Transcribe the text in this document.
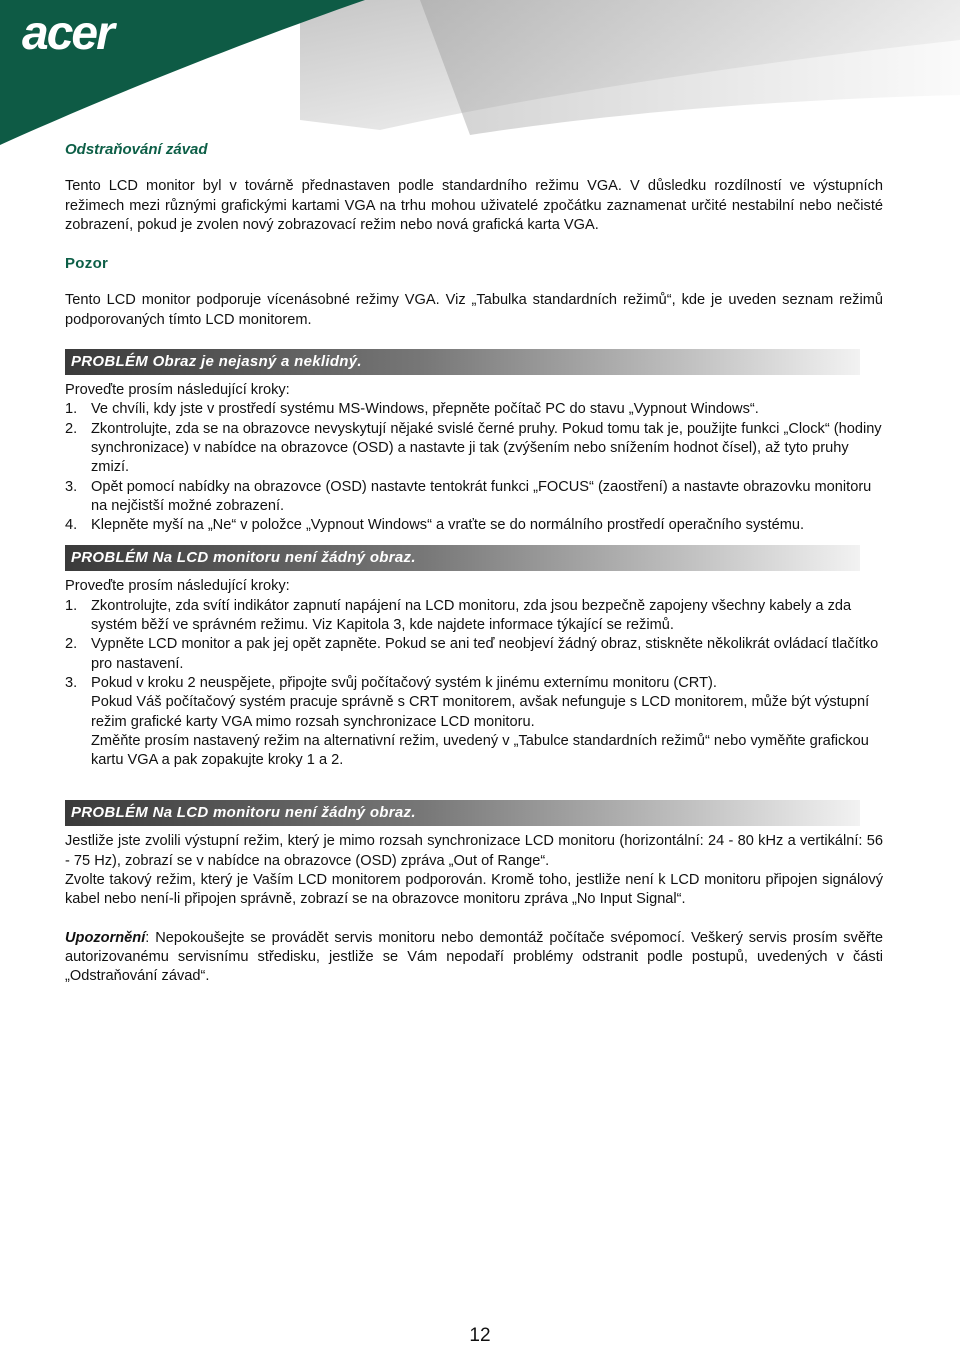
acer

Odstraňování závad

Tento LCD monitor byl v továrně přednastaven podle standardního režimu VGA. V důsledku rozdílností ve výstupních režimech mezi různými grafickými kartami VGA na trhu mohou uživatelé zpočátku zaznamenat určité nestabilní nebo nečisté zobrazení, pokud je zvolen nový zobrazovací režim nebo nová grafická karta VGA.

Pozor

Tento LCD monitor podporuje vícenásobné režimy VGA. Viz „Tabulka standardních režimů“, kde je uveden seznam režimů podporovaných tímto LCD monitorem.

PROBLÉM Obraz je nejasný a neklidný.

Proveďte prosím následující kroky:

1. Ve chvíli, kdy jste v prostředí systému MS-Windows, přepněte počítač PC do stavu „Vypnout Windows“.
2. Zkontrolujte, zda se na obrazovce nevyskytují nějaké svislé černé pruhy. Pokud tomu tak je, použijte funkci „Clock“ (hodiny synchronizace) v nabídce na obrazovce (OSD) a nastavte ji tak (zvýšením nebo snížením hodnot čísel), až tyto pruhy zmizí.
3. Opět pomocí nabídky na obrazovce (OSD) nastavte tentokrát funkci „FOCUS“ (zaostření) a nastavte obrazovku monitoru na nejčistší možné zobrazení.
4. Klepněte myší na „Ne“ v položce „Vypnout Windows“ a vraťte se do normálního prostředí operačního systému.
PROBLÉM Na LCD monitoru není žádný obraz.

Proveďte prosím následující kroky:

1. Zkontrolujte, zda svítí indikátor zapnutí napájení na LCD monitoru, zda jsou bezpečně zapojeny všechny kabely a zda systém běží ve správném režimu. Viz Kapitola 3, kde najdete informace týkající se režimů.
2. Vypněte LCD monitor a pak jej opět zapněte. Pokud se ani teď neobjeví žádný obraz, stiskněte několikrát ovládací tlačítko pro nastavení.
3. Pokud v kroku 2 neuspějete, připojte svůj počítačový systém k jinému externímu monitoru (CRT).
Pokud Váš počítačový systém pracuje správně s CRT monitorem, avšak nefunguje s LCD monitorem, může být výstupní režim grafické karty VGA mimo rozsah synchronizace LCD monitoru.
Změňte prosím nastavený režim na alternativní režim, uvedený v „Tabulce standardních režimů“ nebo vyměňte grafickou kartu VGA a pak zopakujte kroky 1 a 2.
PROBLÉM Na LCD monitoru není žádný obraz.

Jestliže jste zvolili výstupní režim, který je mimo rozsah synchronizace LCD monitoru (horizontální: 24 - 80 kHz a vertikální: 56 - 75 Hz), zobrazí se v nabídce na obrazovce (OSD) zpráva „Out of Range“.

Zvolte takový režim, který je Vaším LCD monitorem podporován. Kromě toho, jestliže není k LCD monitoru připojen signálový kabel nebo není-li připojen správně, zobrazí se na obrazovce monitoru zpráva „No Input Signal“.

Upozornění: Nepokoušejte se provádět servis monitoru nebo demontáž počítače svépomocí. Veškerý servis prosím svěřte autorizovanému servisnímu středisku, jestliže se Vám nepodaří problémy odstranit podle postupů, uvedených v části „Odstraňování závad“.

12
